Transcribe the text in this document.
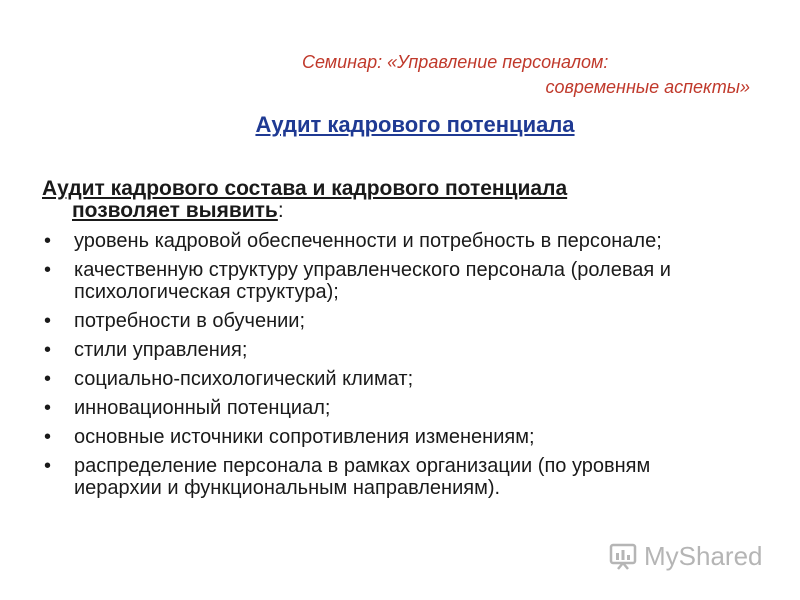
Семинар: «Управление персоналом:
современные аспекты»
Аудит кадрового потенциала
Аудит кадрового состава и кадрового потенциала
позволяет выявить:
• уровень кадровой обеспеченности и потребность в персонале;
• качественную структуру управленческого персонала (ролевая и психологическая структура);
• потребности в обучении;
• стили управления;
• социально-психологический климат;
• инновационный потенциал;
• основные источники сопротивления изменениям;
• распределение персонала в рамках организации (по уровням иерархии и функциональным направлениям).
MyShared
